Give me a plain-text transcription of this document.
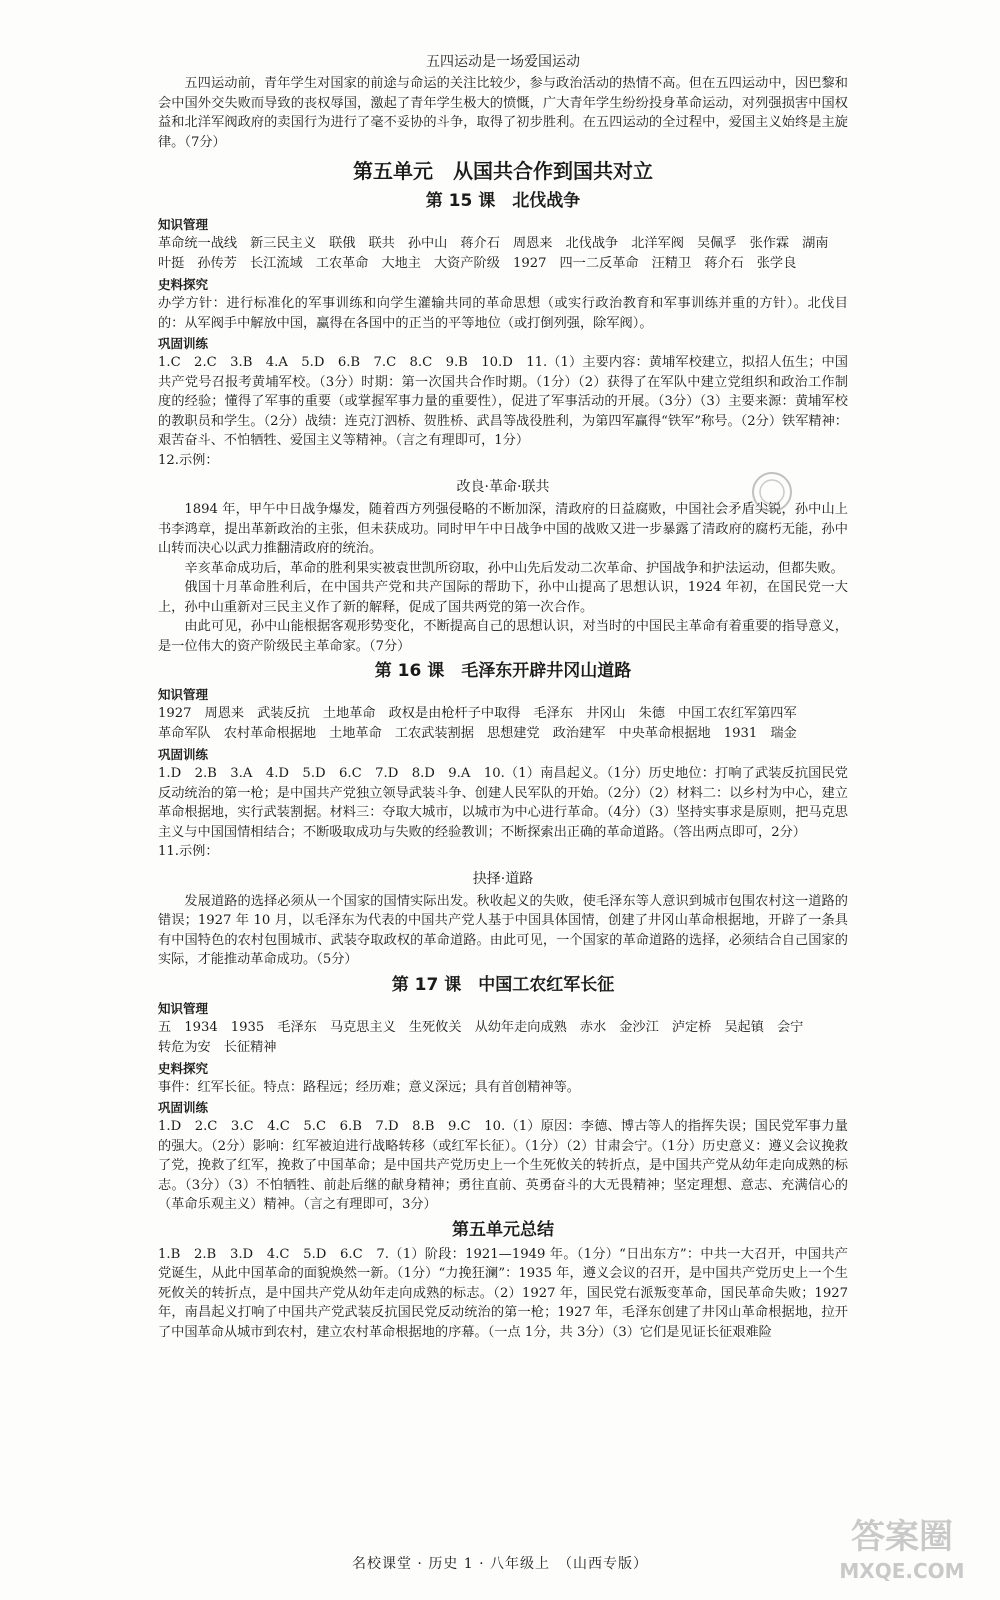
五四运动是一场爱国运动

五四运动前，青年学生对国家的前途与命运的关注比较少，参与政治活动的热情不高。但在五四运动中，因巴黎和会中国外交失败而导致的丧权辱国，激起了青年学生极大的愤慨，广大青年学生纷纷投身革命运动，对列强损害中国权益和北洋军阀政府的卖国行为进行了毫不妥协的斗争，取得了初步胜利。在五四运动的全过程中，爱国主义始终是主旋律。（7分）

第五单元　从国共合作到国共对立
第 15 课　北伐战争
知识管理

革命统一战线 新三民主义 联俄 联共 孙中山 蒋介石 周恩来 北伐战争 北洋军阀 吴佩孚 张作霖 湖南叶挺 孙传芳 长江流域 工农革命 大地主 大资产阶级 1927 四一二反革命 汪精卫 蒋介石 张学良

史料探究

办学方针：进行标准化的军事训练和向学生灌输共同的革命思想（或实行政治教育和军事训练并重的方针）。北伐目的：从军阀手中解放中国，赢得在各国中的正当的平等地位（或打倒列强，除军阀）。

巩固训练

1.C　2.C　3.B　4.A　5.D　6.B　7.C　8.C　9.B　10.D　11.（1）主要内容：黄埔军校建立，拟招人伍生；中国共产党号召报考黄埔军校。（3分）时期：第一次国共合作时期。（1分）（2）获得了在军队中建立党组织和政治工作制度的经验；懂得了军事的重要（或掌握军事力量的重要性），促进了军事活动的开展。（3分）（3）主要来源：黄埔军校的教职员和学生。（2分）战绩：连克汀泗桥、贺胜桥、武昌等战役胜利，为第四军赢得“铁军”称号。（2分）铁军精神：艰苦奋斗、不怕牺牲、爱国主义等精神。（言之有理即可，1分）

12.示例：

改良·革命·联共

1894 年，甲午中日战争爆发，随着西方列强侵略的不断加深，清政府的日益腐败，中国社会矛盾尖锐，孙中山上书李鸿章，提出革新政治的主张，但未获成功。同时甲午中日战争中国的战败又进一步暴露了清政府的腐朽无能，孙中山转而决心以武力推翻清政府的统治。

辛亥革命成功后，革命的胜利果实被袁世凯所窃取，孙中山先后发动二次革命、护国战争和护法运动，但都失败。

俄国十月革命胜利后，在中国共产党和共产国际的帮助下，孙中山提高了思想认识，1924 年初，在国民党一大上，孙中山重新对三民主义作了新的解释，促成了国共两党的第一次合作。

由此可见，孙中山能根据客观形势变化，不断提高自己的思想认识，对当时的中国民主革命有着重要的指导意义，是一位伟大的资产阶级民主革命家。（7分）

第 16 课　毛泽东开辟井冈山道路
知识管理

1927 周恩来 武装反抗 土地革命 政权是由枪杆子中取得 毛泽东 井冈山 朱德 中国工农红军第四军革命军队 农村革命根据地 土地革命 工农武装割据 思想建党 政治建军 中央革命根据地 1931 瑞金

巩固训练

1.D　2.B　3.A　4.D　5.D　6.C　7.D　8.D　9.A　10.（1）南昌起义。（1分）历史地位：打响了武装反抗国民党反动统治的第一枪；是中国共产党独立领导武装斗争、创建人民军队的开始。（2分）（2）材料二：以乡村为中心，建立革命根据地，实行武装割据。材料三：夺取大城市，以城市为中心进行革命。（4分）（3）坚持实事求是原则，把马克思主义与中国国情相结合；不断吸取成功与失败的经验教训；不断探索出正确的革命道路。（答出两点即可，2分）

11.示例：

抉择·道路

发展道路的选择必须从一个国家的国情实际出发。秋收起义的失败，使毛泽东等人意识到城市包围农村这一道路的错误；1927 年 10 月，以毛泽东为代表的中国共产党人基于中国具体国情，创建了井冈山革命根据地，开辟了一条具有中国特色的农村包围城市、武装夺取政权的革命道路。由此可见，一个国家的革命道路的选择，必须结合自己国家的实际，才能推动革命成功。（5分）

第 17 课　中国工农红军长征
知识管理

五 1934 1935 毛泽东 马克思主义 生死攸关 从幼年走向成熟 赤水 金沙江 泸定桥 吴起镇 会宁转危为安 长征精神

史料探究

事件：红军长征。特点：路程远；经历难；意义深远；具有首创精神等。

巩固训练

1.D　2.C　3.C　4.C　5.C　6.B　7.D　8.B　9.C　10.（1）原因：李德、博古等人的指挥失误；国民党军事力量的强大。（2分）影响：红军被迫进行战略转移（或红军长征）。（1分）（2）甘肃会宁。（1分）历史意义：遵义会议挽救了党，挽救了红军，挽救了中国革命；是中国共产党历史上一个生死攸关的转折点，是中国共产党从幼年走向成熟的标志。（3分）（3）不怕牺牲、前赴后继的献身精神；勇往直前、英勇奋斗的大无畏精神；坚定理想、意志、充满信心的（革命乐观主义）精神。（言之有理即可，3分）

第五单元总结

1.B　2.B　3.D　4.C　5.D　6.C　7.（1）阶段：1921—1949 年。（1分）“日出东方”：中共一大召开，中国共产党诞生，从此中国革命的面貌焕然一新。（1分）“力挽狂澜”：1935 年，遵义会议的召开，是中国共产党历史上一个生死攸关的转折点，是中国共产党从幼年走向成熟的标志。（2）1927 年，国民党右派叛变革命，国民革命失败；1927 年，南昌起义打响了中国共产党武装反抗国民党反动统治的第一枪；1927 年，毛泽东创建了井冈山革命根据地，拉开了中国革命从城市到农村，建立农村革命根据地的序幕。（一点 1分，共 3分）（3）它们是见证长征艰难险

名校课堂 · 历史 1 · 八年级上　（山西专版）
答案圈
MXQE.COM
